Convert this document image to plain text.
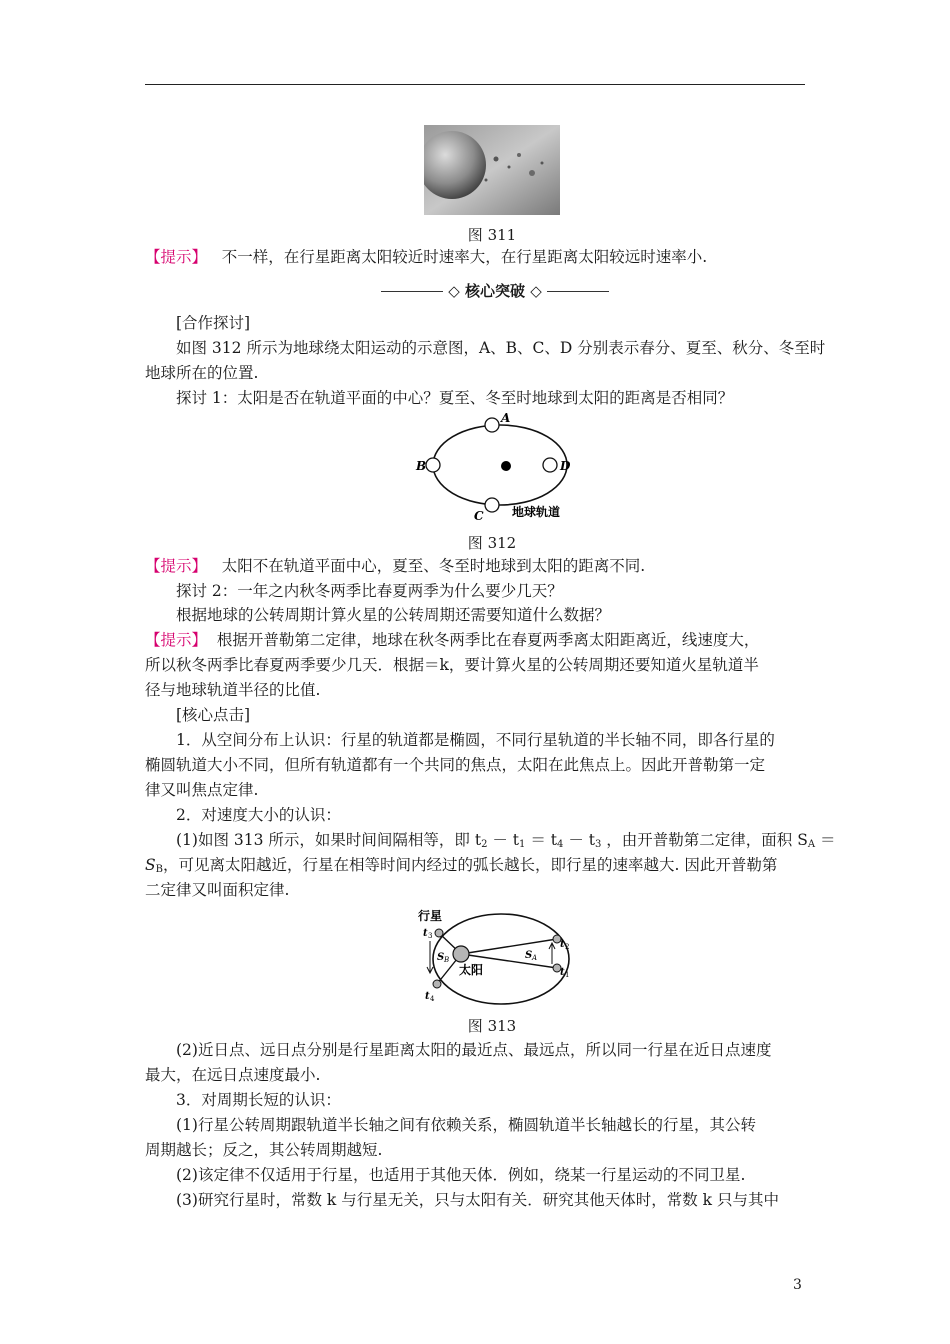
图 311
【提示】 不一样，在行星距离太阳较近时速率大，在行星距离太阳较远时速率小.
◇ 核心突破 ◇
[合作探讨]
如图 312 所示为地球绕太阳运动的示意图，A、B、C、D 分别表示春分、夏至、秋分、冬至时
地球所在的位置.
探讨 1：太阳是否在轨道平面的中心？夏至、冬至时地球到太阳的距离是否相同？
A
B	D
C 地球轨道
图 312
【提示】 太阳不在轨道平面中心，夏至、冬至时地球到太阳的距离不同.
探讨 2：一年之内秋冬两季比春夏两季为什么要少几天？
根据地球的公转周期计算火星的公转周期还需要知道什么数据？
【提示】 根据开普勒第二定律，地球在秋冬两季比在春夏两季离太阳距离近，线速度大，
所以秋冬两季比春夏两季要少几天．根据＝k，要计算火星的公转周期还要知道火星轨道半
径与地球轨道半径的比值.
[核心点击]
1．从空间分布上认识：行星的轨道都是椭圆，不同行星轨道的半长轴不同，即各行星的
椭圆轨道大小不同，但所有轨道都有一个共同的焦点，太阳在此焦点上。因此开普勒第一定
律又叫焦点定律.
2．对速度大小的认识：
(1)如图 313 所示，如果时间间隔相等，即 $t_2 - t_1 = t_4 - t_3$ ，由开普勒第二定律，面积 $S_A$ ＝
$S_B$，可见离太阳越近，行星在相等时间内经过的弧长越长，即行星的速率越大. 因此开普勒第
二定律又叫面积定律.
行星
t 3
t 4
t 2
t 1
S B
太阳
S A
图 313
(2)近日点、远日点分别是行星距离太阳的最近点、最远点，所以同一行星在近日点速度
最大，在远日点速度最小.
3．对周期长短的认识：
(1)行星公转周期跟轨道半长轴之间有依赖关系，椭圆轨道半长轴越长的行星，其公转
周期越长；反之，其公转周期越短.
(2)该定律不仅适用于行星，也适用于其他天体．例如，绕某一行星运动的不同卫星.
(3)研究行星时，常数 k 与行星无关，只与太阳有关．研究其他天体时，常数 k 只与其中
3
